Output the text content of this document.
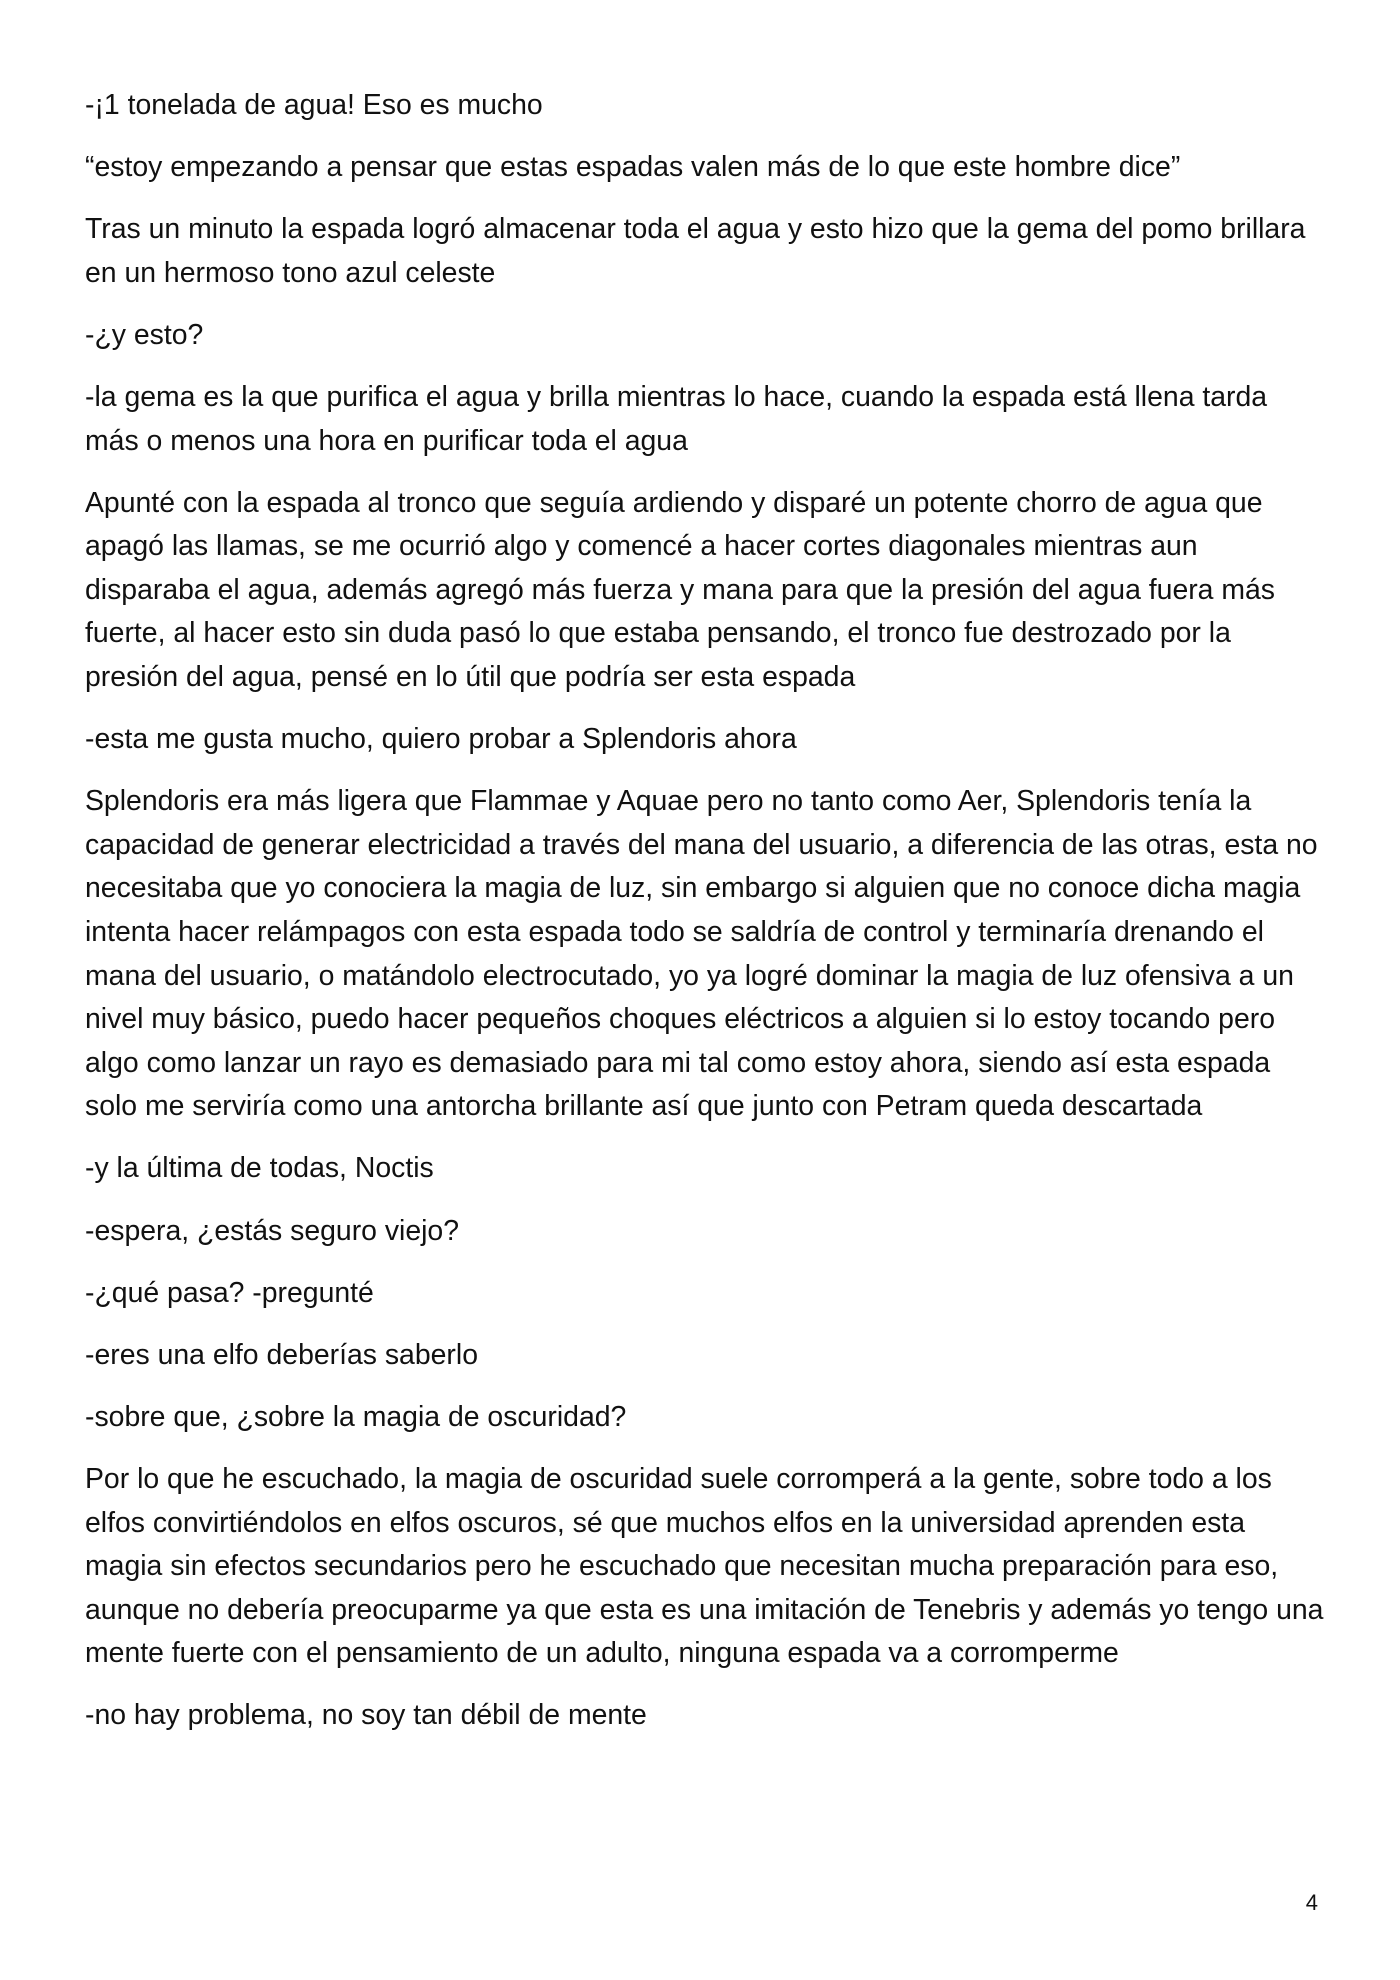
-¡1 tonelada de agua! Eso es mucho

“estoy empezando a pensar que estas espadas valen más de lo que este hombre dice”

Tras un minuto la espada logró almacenar toda el agua y esto hizo que la gema del pomo brillara en un hermoso tono azul celeste

-¿y esto?

-la gema es la que purifica el agua y brilla mientras lo hace, cuando la espada está llena tarda más o menos una hora en purificar toda el agua

Apunté con la espada al tronco que seguía ardiendo y disparé un potente chorro de agua que apagó las llamas, se me ocurrió algo y comencé a hacer cortes diagonales mientras aun disparaba el agua, además agregó más fuerza y mana para que la presión del agua fuera más fuerte, al hacer esto sin duda pasó lo que estaba pensando, el tronco fue destrozado por la presión del agua, pensé en lo útil que podría ser esta espada

-esta me gusta mucho, quiero probar a Splendoris ahora

Splendoris era más ligera que Flammae y Aquae pero no tanto como Aer, Splendoris tenía la capacidad de generar electricidad a través del mana del usuario, a diferencia de las otras, esta no necesitaba que yo conociera la magia de luz, sin embargo si alguien que no conoce dicha magia intenta hacer relámpagos con esta espada todo se saldría de control y terminaría drenando el mana del usuario, o matándolo electrocutado, yo ya logré dominar la magia de luz ofensiva a un nivel muy básico, puedo hacer pequeños choques eléctricos a alguien si lo estoy tocando pero algo como lanzar un rayo es demasiado para mi tal como estoy ahora, siendo así esta espada solo me serviría como una antorcha brillante así que junto con Petram queda descartada

-y la última de todas, Noctis

-espera, ¿estás seguro viejo?

-¿qué pasa? -pregunté

-eres una elfo deberías saberlo

-sobre que, ¿sobre la magia de oscuridad?

Por lo que he escuchado, la magia de oscuridad suele corromperá a la gente, sobre todo a los elfos convirtiéndolos en elfos oscuros, sé que muchos elfos en la universidad aprenden esta magia sin efectos secundarios pero he escuchado que necesitan mucha preparación para eso, aunque no debería preocuparme ya que esta es una imitación de Tenebris y además yo tengo una mente fuerte con el pensamiento de un adulto, ninguna espada va a corromperme

-no hay problema, no soy tan débil de mente

4
